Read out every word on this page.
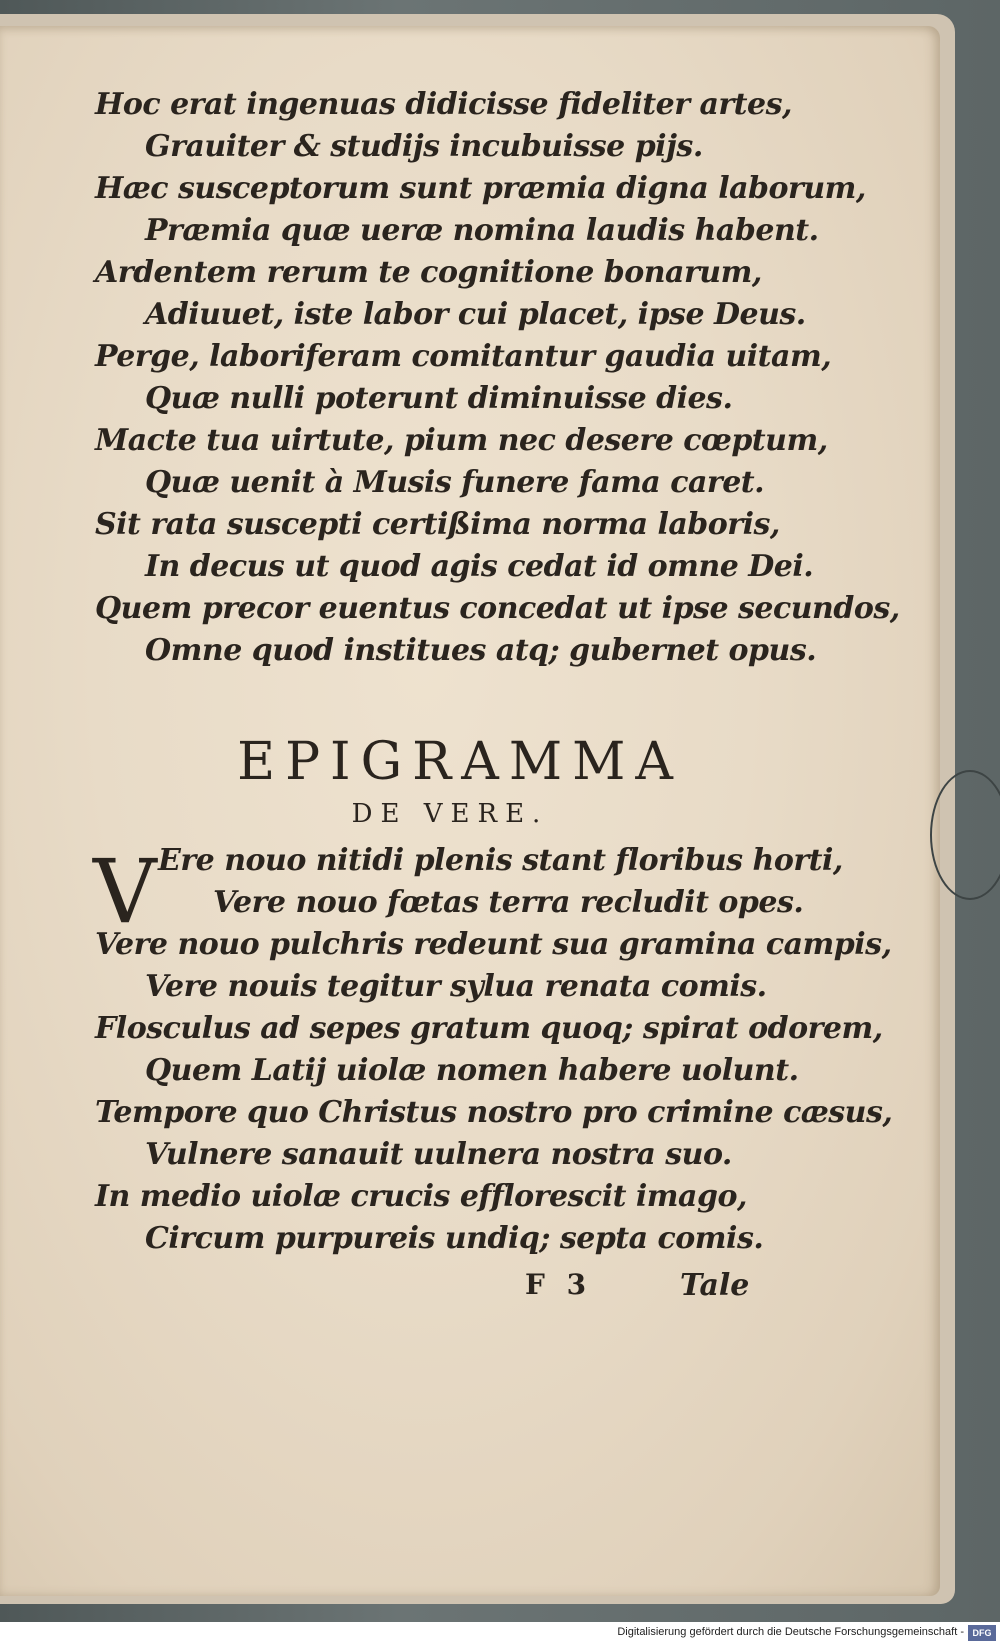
Hoc erat ingenuas didicisse fideliter artes,
Grauiter & studijs incubuisse pijs.
Hæc susceptorum sunt præmia digna laborum,
Præmia quæ ueræ nomina laudis habent.
Ardentem rerum te cognitione bonarum,
Adiuuet, iste labor cui placet, ipse Deus.
Perge, laboriferam comitantur gaudia uitam,
Quæ nulli poterunt diminuisse dies.
Macte tua uirtute, pium nec desere cœptum,
Quæ uenit à Musis funere fama caret.
Sit rata suscepti certißima norma laboris,
In decus ut quod agis cedat id omne Dei.
Quem precor euentus concedat ut ipse secundos,
Omne quod institues atq; gubernet opus.
EPIGRAMMA
DE VERE.
V Ere nouo nitidi plenis stant floribus horti,
Vere nouo fœtas terra recludit opes.
Vere nouo pulchris redeunt sua gramina campis,
Vere nouis tegitur sylua renata comis.
Flosculus ad sepes gratum quoq; spirat odorem,
Quem Latij uiolæ nomen habere uolunt.
Tempore quo Christus nostro pro crimine cæsus,
Vulnere sanauit uulnera nostra suo.
In medio uiolæ crucis efflorescit imago,
Circum purpureis undiq; septa comis.
F 3	Tale
Digitalisierung gefördert durch die Deutsche Forschungsgemeinschaft - DFG
